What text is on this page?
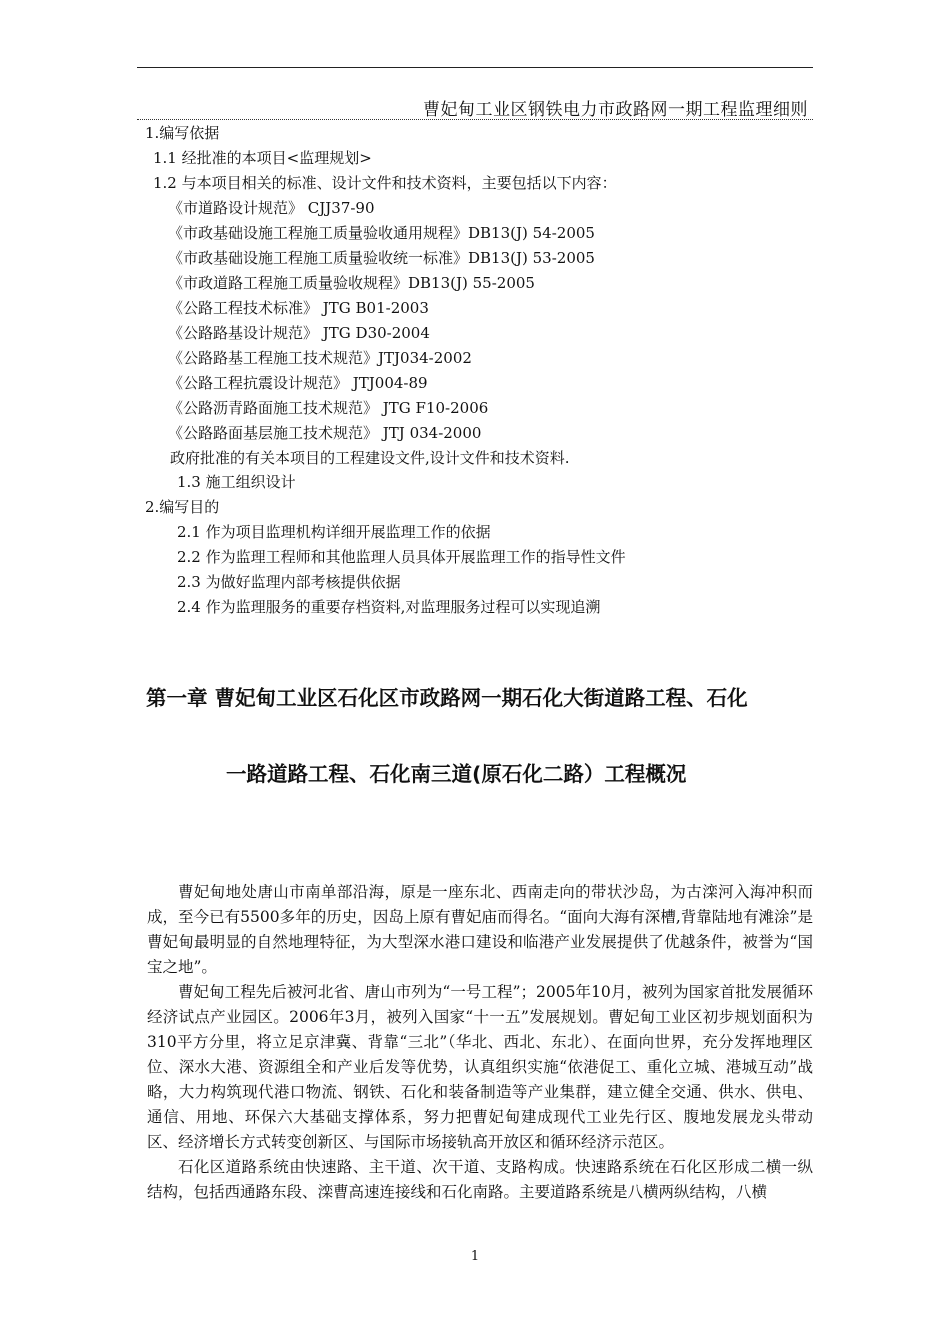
曹妃甸工业区钢铁电力市政路网一期工程监理细则
1.编写依据
1.1 经批准的本项目<监理规划>
1.2 与本项目相关的标准、设计文件和技术资料，主要包括以下内容：
《市道路设计规范》 CJJ37-90
《市政基础设施工程施工质量验收通用规程》DB13(J) 54-2005
《市政基础设施工程施工质量验收统一标准》DB13(J) 53-2005
《市政道路工程施工质量验收规程》DB13(J) 55-2005
《公路工程技术标准》 JTG B01-2003
《公路路基设计规范》 JTG D30-2004
《公路路基工程施工技术规范》JTJ034-2002
《公路工程抗震设计规范》 JTJ004-89
《公路沥青路面施工技术规范》 JTG F10-2006
《公路路面基层施工技术规范》 JTJ 034-2000
政府批准的有关本项目的工程建设文件,设计文件和技术资料.
1.3 施工组织设计
2.编写目的
2.1 作为项目监理机构详细开展监理工作的依据
2.2 作为监理工程师和其他监理人员具体开展监理工作的指导性文件
2.3 为做好监理内部考核提供依据
2.4 作为监理服务的重要存档资料,对监理服务过程可以实现追溯
第一章 曹妃甸工业区石化区市政路网一期石化大街道路工程、石化
一路道路工程、石化南三道(原石化二路）工程概况

曹妃甸地处唐山市南单部沿海，原是一座东北、西南走向的带状沙岛，为古滦河入海冲积而成，至今已有5500多年的历史，因岛上原有曹妃庙而得名。“面向大海有深槽,背靠陆地有滩涂”是曹妃甸最明显的自然地理特征，为大型深水港口建设和临港产业发展提供了优越条件，被誉为“国宝之地”。

曹妃甸工程先后被河北省、唐山市列为“一号工程”；2005年10月，被列为国家首批发展循环经济试点产业园区。2006年3月，被列入国家“十一五”发展规划。曹妃甸工业区初步规划面积为310平方分里，将立足京津冀、背靠“三北”（华北、西北、东北）、在面向世界，充分发挥地理区位、深水大港、资源组全和产业后发等优势，认真组织实施“依港促工、重化立城、港城互动”战略，大力构筑现代港口物流、钢铁、石化和装备制造等产业集群，建立健全交通、供水、供电、通信、用地、环保六大基础支撑体系，努力把曹妃甸建成现代工业先行区、腹地发展龙头带动区、经济增长方式转变创新区、与国际市场接轨高开放区和循环经济示范区。

石化区道路系统由快速路、主干道、次干道、支路构成。快速路系统在石化区形成二横一纵结构，包括西通路东段、滦曹高速连接线和石化南路。主要道路系统是八横两纵结构，八横

1
